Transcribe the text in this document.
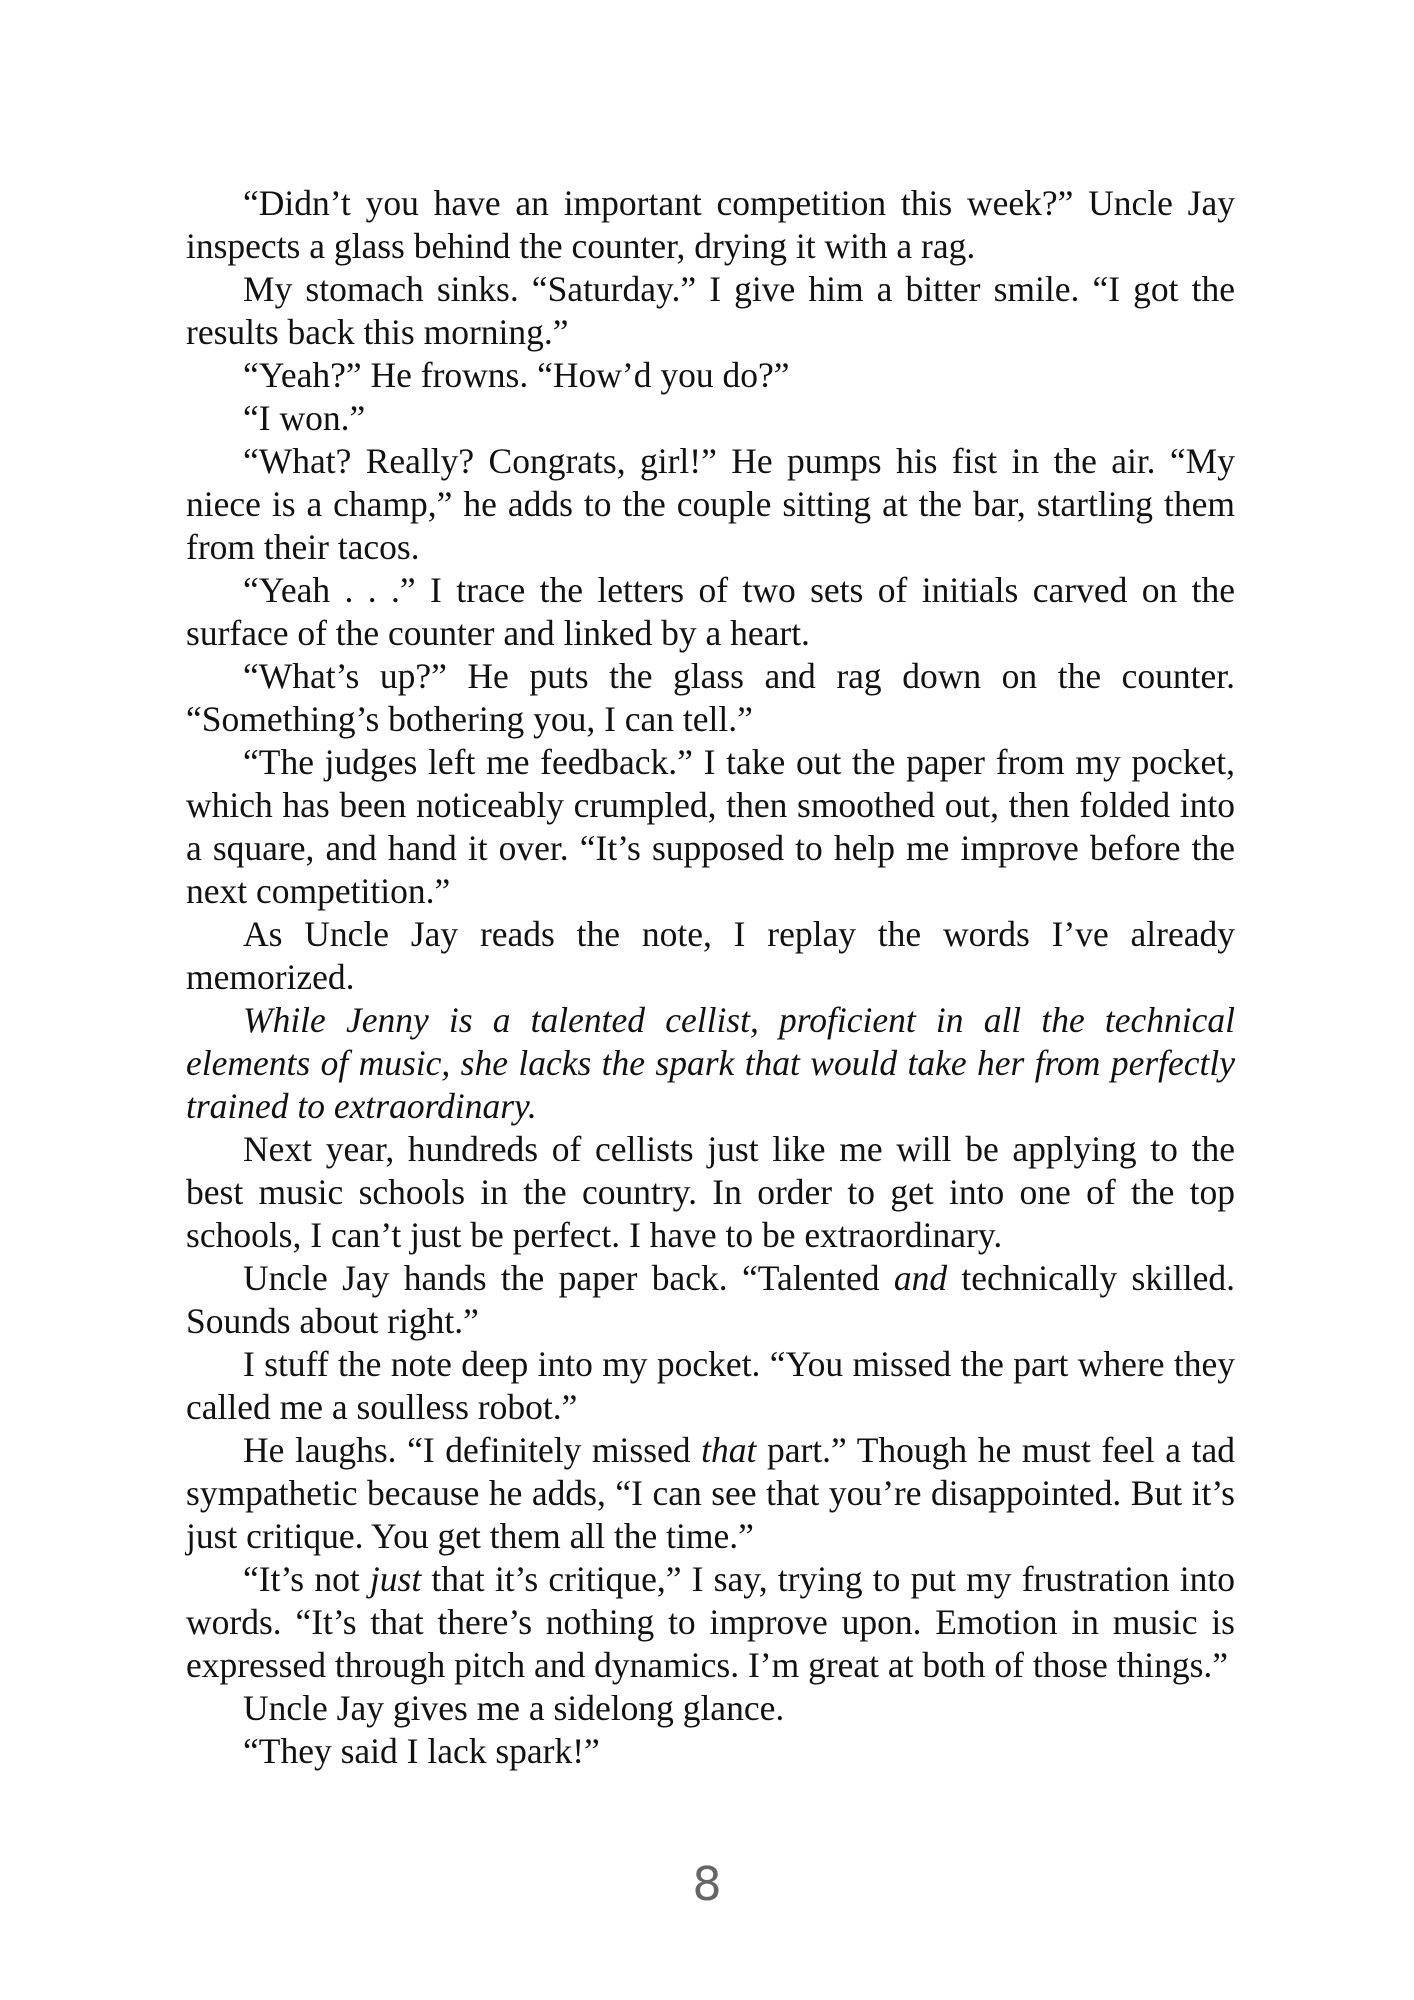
“Didn’t you have an important competition this week?” Uncle Jay inspects a glass behind the counter, drying it with a rag.

My stomach sinks. “Saturday.” I give him a bitter smile. “I got the results back this morning.”

“Yeah?” He frowns. “How’d you do?”

“I won.”

“What? Really? Congrats, girl!” He pumps his fist in the air. “My niece is a champ,” he adds to the couple sitting at the bar, startling them from their tacos.

“Yeah . . .” I trace the letters of two sets of initials carved on the surface of the counter and linked by a heart.

“What’s up?” He puts the glass and rag down on the counter. “Something’s bothering you, I can tell.”

“The judges left me feedback.” I take out the paper from my pocket, which has been noticeably crumpled, then smoothed out, then folded into a square, and hand it over. “It’s supposed to help me improve before the next competition.”

As Uncle Jay reads the note, I replay the words I’ve already memorized.

While Jenny is a talented cellist, proficient in all the technical elements of music, she lacks the spark that would take her from perfectly trained to extraordinary.

Next year, hundreds of cellists just like me will be applying to the best music schools in the country. In order to get into one of the top schools, I can’t just be perfect. I have to be extraordinary.

Uncle Jay hands the paper back. “Talented and technically skilled. Sounds about right.”

I stuff the note deep into my pocket. “You missed the part where they called me a soulless robot.”

He laughs. “I definitely missed that part.” Though he must feel a tad sympathetic because he adds, “I can see that you’re disappointed. But it’s just critique. You get them all the time.”

“It’s not just that it’s critique,” I say, trying to put my frustration into words. “It’s that there’s nothing to improve upon. Emotion in music is expressed through pitch and dynamics. I’m great at both of those things.”

Uncle Jay gives me a sidelong glance.

“They said I lack spark!”

8
